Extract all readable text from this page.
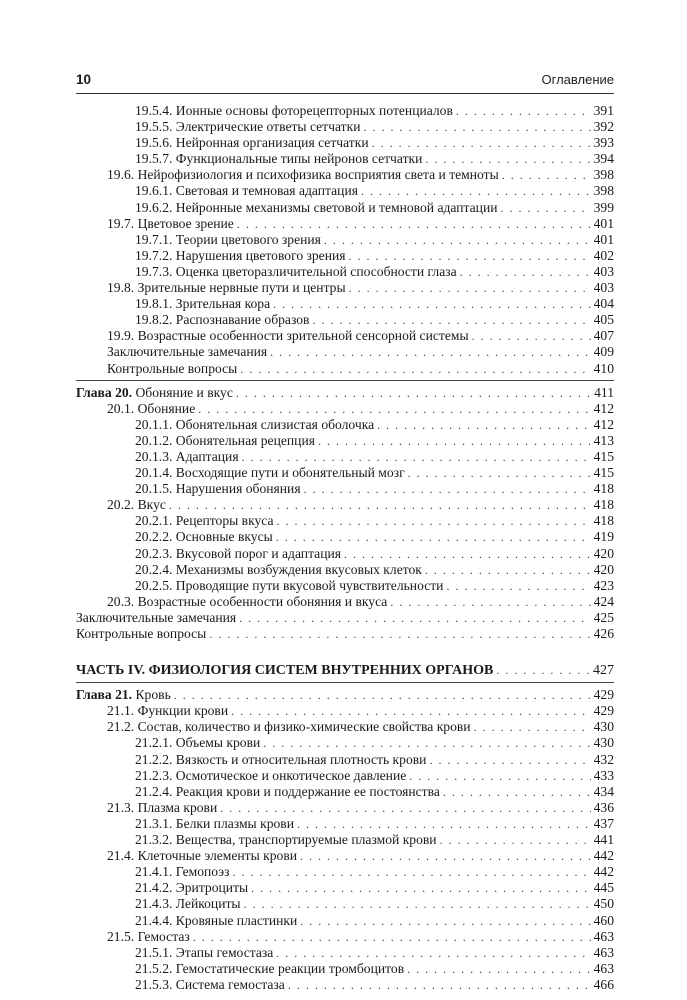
10	Оглавление
19.5.4. Ионные основы фоторецепторных потенциалов . . .	391
19.5.5. Электрические ответы сетчатки . . .	392
19.5.6. Нейронная организация сетчатки . . .	393
19.5.7. Функциональные типы нейронов сетчатки . . .	394
19.6. Нейрофизиология и психофизика восприятия света и темноты . . .	398
19.6.1. Световая и темновая адаптация . . .	398
19.6.2. Нейронные механизмы световой и темновой адаптации . . .	399
19.7. Цветовое зрение . . .	401
19.7.1. Теории цветового зрения . . .	401
19.7.2. Нарушения цветового зрения . . .	402
19.7.3. Оценка цветоразличительной способности глаза . . .	403
19.8. Зрительные нервные пути и центры . . .	403
19.8.1. Зрительная кора . . .	404
19.8.2. Распознавание образов . . .	405
19.9. Возрастные особенности зрительной сенсорной системы . . .	407
Заключительные замечания . . .	409
Контрольные вопросы . . .	410
Глава 20. Обоняние и вкус . . .	411
20.1. Обоняние . . .	412
20.1.1. Обонятельная слизистая оболочка . . .	412
20.1.2. Обонятельная рецепция . . .	413
20.1.3. Адаптация . . .	415
20.1.4. Восходящие пути и обонятельный мозг . . .	415
20.1.5. Нарушения обоняния . . .	418
20.2. Вкус . . .	418
20.2.1. Рецепторы вкуса . . .	418
20.2.2. Основные вкусы . . .	419
20.2.3. Вкусовой порог и адаптация . . .	420
20.2.4. Механизмы возбуждения вкусовых клеток . . .	420
20.2.5. Проводящие пути вкусовой чувствительности . . .	423
20.3. Возрастные особенности обоняния и вкуса . . .	424
Заключительные замечания . . .	425
Контрольные вопросы . . .	426
ЧАСТЬ IV. ФИЗИОЛОГИЯ СИСТЕМ ВНУТРЕННИХ ОРГАНОВ . . .	427
Глава 21. Кровь . . .	429
21.1. Функции крови . . .	429
21.2. Состав, количество и физико-химические свойства крови . . .	430
21.2.1. Объемы крови . . .	430
21.2.2. Вязкость и относительная плотность крови . . .	432
21.2.3. Осмотическое и онкотическое давление . . .	433
21.2.4. Реакция крови и поддержание ее постоянства . . .	434
21.3. Плазма крови . . .	436
21.3.1. Белки плазмы крови . . .	437
21.3.2. Вещества, транспортируемые плазмой крови . . .	441
21.4. Клеточные элементы крови . . .	442
21.4.1. Гемопоэз . . .	442
21.4.2. Эритроциты . . .	445
21.4.3. Лейкоциты . . .	450
21.4.4. Кровяные пластинки . . .	460
21.5. Гемостаз . . .	463
21.5.1. Этапы гемостаза . . .	463
21.5.2. Гемостатические реакции тромбоцитов . . .	463
21.5.3. Система гемостаза . . .	466
